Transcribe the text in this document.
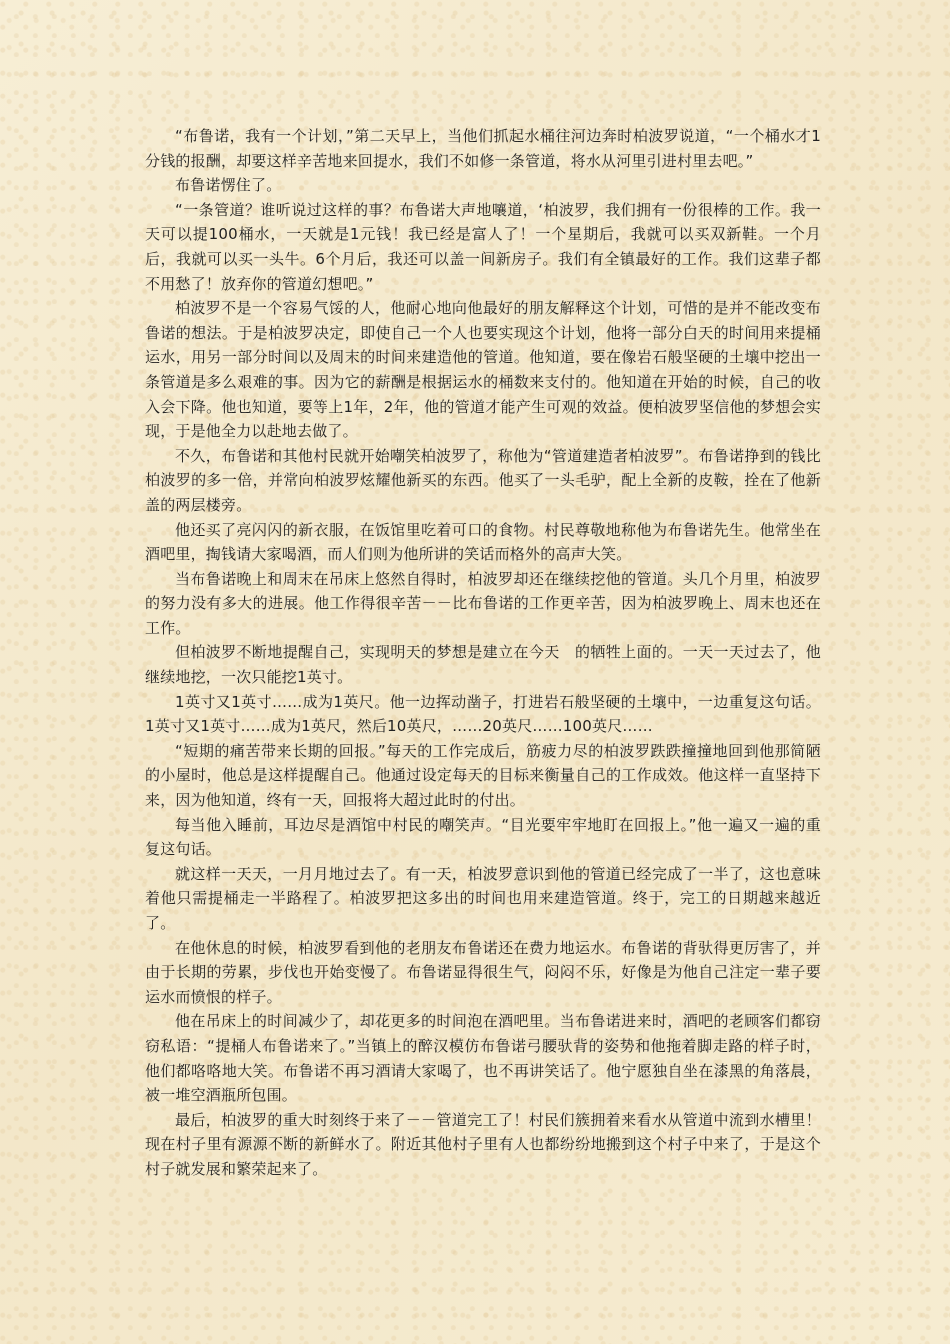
“布鲁诺，我有一个计划，”第二天早上，当他们抓起水桶往河边奔时柏波罗说道，“一个桶水才1分钱的报酬，却要这样辛苦地来回提水，我们不如修一条管道，将水从河里引进村里去吧。”

布鲁诺愣住了。

“一条管道？谁听说过这样的事？布鲁诺大声地嚷道，‘柏波罗，我们拥有一份很棒的工作。我一天可以提100桶水，一天就是1元钱！我已经是富人了！一个星期后，我就可以买双新鞋。一个月后，我就可以买一头牛。6个月后，我还可以盖一间新房子。我们有全镇最好的工作。我们这辈子都不用愁了！放弃你的管道幻想吧。”

柏波罗不是一个容易气馁的人，他耐心地向他最好的朋友解释这个计划，可惜的是并不能改变布鲁诺的想法。于是柏波罗决定，即使自己一个人也要实现这个计划，他将一部分白天的时间用来提桶运水，用另一部分时间以及周末的时间来建造他的管道。他知道，要在像岩石般坚硬的土壤中挖出一条管道是多么艰难的事。因为它的薪酬是根据运水的桶数来支付的。他知道在开始的时候，自己的收入会下降。他也知道，要等上1年，2年，他的管道才能产生可观的效益。便柏波罗坚信他的梦想会实现，于是他全力以赴地去做了。

不久，布鲁诺和其他村民就开始嘲笑柏波罗了，称他为“管道建造者柏波罗”。布鲁诺挣到的钱比柏波罗的多一倍，并常向柏波罗炫耀他新买的东西。他买了一头毛驴，配上全新的皮鞍，拴在了他新盖的两层楼旁。

他还买了亮闪闪的新衣服，在饭馆里吃着可口的食物。村民尊敬地称他为布鲁诺先生。他常坐在酒吧里，掏钱请大家喝酒，而人们则为他所讲的笑话而格外的高声大笑。

当布鲁诺晚上和周末在吊床上悠然自得时，柏波罗却还在继续挖他的管道。头几个月里，柏波罗的努力没有多大的进展。他工作得很辛苦－－比布鲁诺的工作更辛苦，因为柏波罗晚上、周末也还在工作。

但柏波罗不断地提醒自己，实现明天的梦想是建立在今天　的牺牲上面的。一天一天过去了，他继续地挖，一次只能挖1英寸。

1英寸又1英寸……成为1英尺。他一边挥动凿子，打进岩石般坚硬的土壤中，一边重复这句话。1英寸又1英寸……成为1英尺，然后10英尺，……20英尺……100英尺……

“短期的痛苦带来长期的回报。”每天的工作完成后，筋疲力尽的柏波罗跌跌撞撞地回到他那简陋的小屋时，他总是这样提醒自己。他通过设定每天的目标来衡量自己的工作成效。他这样一直坚持下来，因为他知道，终有一天，回报将大超过此时的付出。

每当他入睡前，耳边尽是酒馆中村民的嘲笑声。“目光要牢牢地盯在回报上。”他一遍又一遍的重复这句话。

就这样一天天，一月月地过去了。有一天，柏波罗意识到他的管道已经完成了一半了，这也意味着他只需提桶走一半路程了。柏波罗把这多出的时间也用来建造管道。终于，完工的日期越来越近了。

在他休息的时候，柏波罗看到他的老朋友布鲁诺还在费力地运水。布鲁诺的背驮得更厉害了，并由于长期的劳累，步伐也开始变慢了。布鲁诺显得很生气，闷闷不乐，好像是为他自己注定一辈子要运水而愤恨的样子。

他在吊床上的时间减少了，却花更多的时间泡在酒吧里。当布鲁诺进来时，酒吧的老顾客们都窃窃私语：“提桶人布鲁诺来了。”当镇上的醉汉模仿布鲁诺弓腰驮背的姿势和他拖着脚走路的样子时，他们都咯咯地大笑。布鲁诺不再习酒请大家喝了，也不再讲笑话了。他宁愿独自坐在漆黑的角落晨，被一堆空酒瓶所包围。

最后，柏波罗的重大时刻终于来了－－管道完工了！村民们簇拥着来看水从管道中流到水槽里！现在村子里有源源不断的新鲜水了。附近其他村子里有人也都纷纷地搬到这个村子中来了，于是这个村子就发展和繁荣起来了。
